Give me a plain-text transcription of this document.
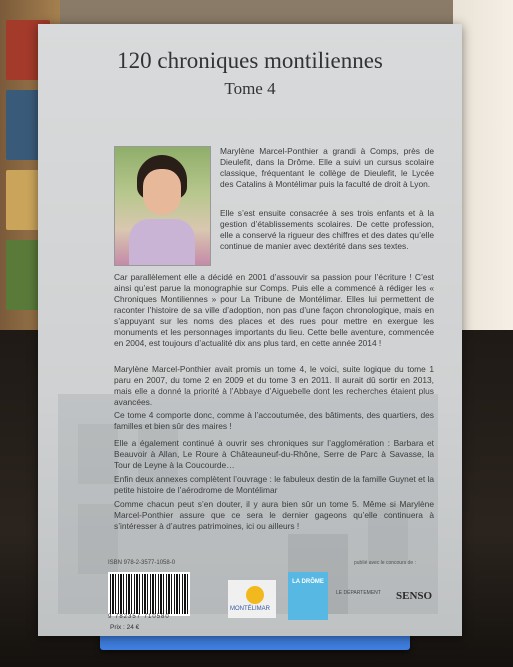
120 chroniques montiliennes
Tome 4
Marylène Marcel-Ponthier a grandi à Comps, près de Dieulefit, dans la Drôme. Elle a suivi un cursus scolaire classique, fréquentant le collège de Dieulefit, le Lycée des Catalins à Montélimar puis la faculté de droit à Lyon.
Elle s’est ensuite consacrée à ses trois enfants et à la gestion d’établissements scolaires. De cette profession, elle a conservé la rigueur des chiffres et des dates qu’elle continue de manier avec dextérité dans ses textes.
Car parallèlement elle a décidé en 2001 d’assouvir sa passion pour l’écriture ! C’est ainsi qu’est parue la monographie sur Comps. Puis elle a commencé à rédiger les « Chroniques Montiliennes » pour La Tribune de Montélimar. Elles lui permettent de raconter l’histoire de sa ville d’adoption, non pas d’une façon chronologique, mais en s’appuyant sur les noms des places et des rues pour mettre en exergue les monuments et les personnages importants du lieu. Cette belle aventure, commencée en 2004, est toujours d’actualité dix ans plus tard, en cette année 2014 !
Marylène Marcel-Ponthier avait promis un tome 4, le voici, suite logique du tome 1 paru en 2007, du tome 2 en 2009 et du tome 3 en 2011. Il aurait dû sortir en 2013, mais elle a donné la priorité à l’Abbaye d’Aiguebelle dont les recherches étaient plus avancées.
Ce tome 4 comporte donc, comme à l’accoutumée, des bâtiments, des quartiers, des familles et bien sûr des maires !
Elle a également continué à ouvrir ses chroniques sur l’agglomération : Barbara et Beauvoir à Allan, Le Roure à Châteauneuf-du-Rhône, Serre de Parc à Savasse, la Tour de Leyne à la Coucourde…
Enfin deux annexes complètent l’ouvrage : le fabuleux destin de la famille Guynet et la petite histoire de l’aérodrome de Montélimar
Comme chacun peut s’en douter, il y aura bien sûr un tome 5. Même si Marylène Marcel-Ponthier assure que ce sera le dernier gageons qu’elle continuera à s’intéresser à d’autres patrimoines, ici ou ailleurs !
ISBN 978-2-3577-1058-0
9 782357 710580
Prix : 24 €
publié avec le concours de :
MONTÉLIMAR
LA DRÔME
LE DÉPARTEMENT SENSO
